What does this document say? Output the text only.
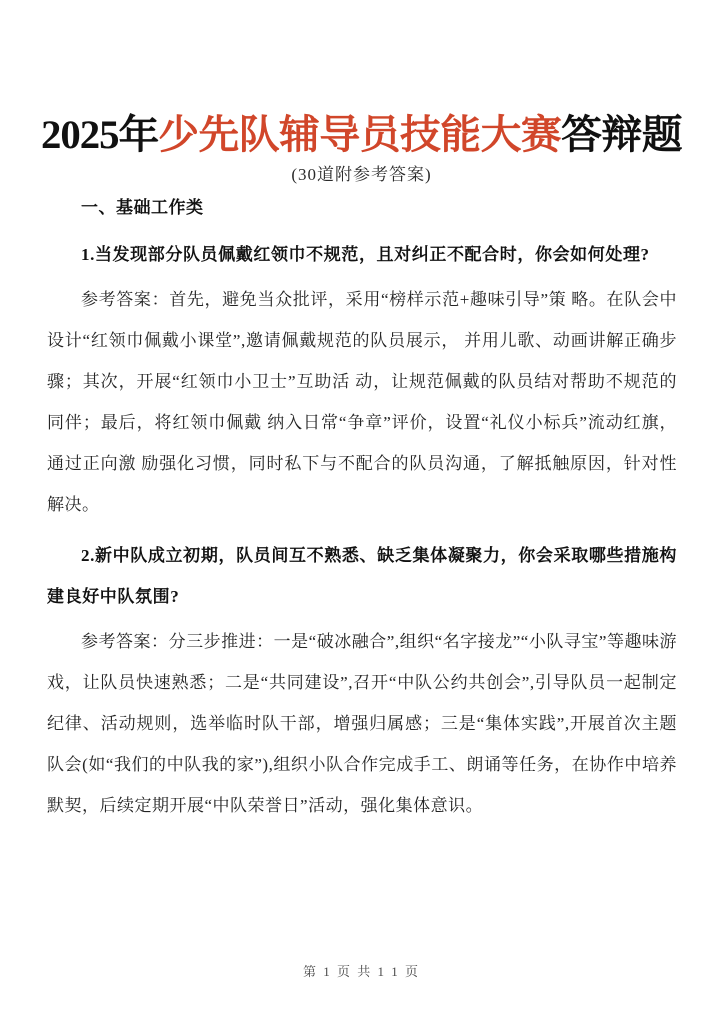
2025年少先队辅导员技能大赛答辩题
(30道附参考答案)

一、基础工作类

1.当发现部分队员佩戴红领巾不规范，且对纠正不配合时，你会如何处理?

参考答案：首先，避免当众批评，采用“榜样示范+趣味引导”策 略。在队会中设计“红领巾佩戴小课堂”,邀请佩戴规范的队员展示， 并用儿歌、动画讲解正确步骤；其次，开展“红领巾小卫士”互助活 动，让规范佩戴的队员结对帮助不规范的同伴；最后，将红领巾佩戴 纳入日常“争章”评价，设置“礼仪小标兵”流动红旗，通过正向激 励强化习惯，同时私下与不配合的队员沟通，了解抵触原因，针对性 解决。

2.新中队成立初期，队员间互不熟悉、缺乏集体凝聚力，你会采取哪些措施构建良好中队氛围?

参考答案：分三步推进：一是“破冰融合”,组织“名字接龙”“小队寻宝”等趣味游戏，让队员快速熟悉；二是“共同建设”,召开“中队公约共创会”,引导队员一起制定纪律、活动规则，选举临时队干部，增强归属感；三是“集体实践”,开展首次主题队会(如“我们的中队我的家”),组织小队合作完成手工、朗诵等任务，在协作中培养默契，后续定期开展“中队荣誉日”活动，强化集体意识。

第 1 页 共 1 1 页
